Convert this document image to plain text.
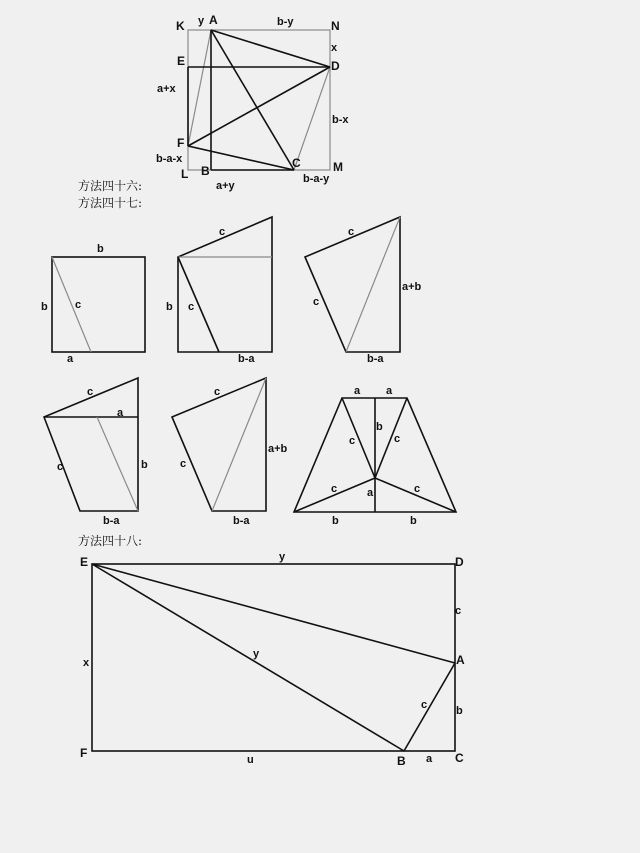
K y A	b-y	N
x
E	D
a+x
b-x
F
b-a-x
L B
C	M
a+y
b-a-y
方法四十六:
方法四十七:
b
b c
a
c
b c
b-a
c
a+b
c
b-a
c
a
c	b
b-a
c
a+b
c
b-a
a a
c
b
c
a
c	c
b	b
方法四十八:
E	y	D
c
A
x
y
c	b
F	u	B a C
